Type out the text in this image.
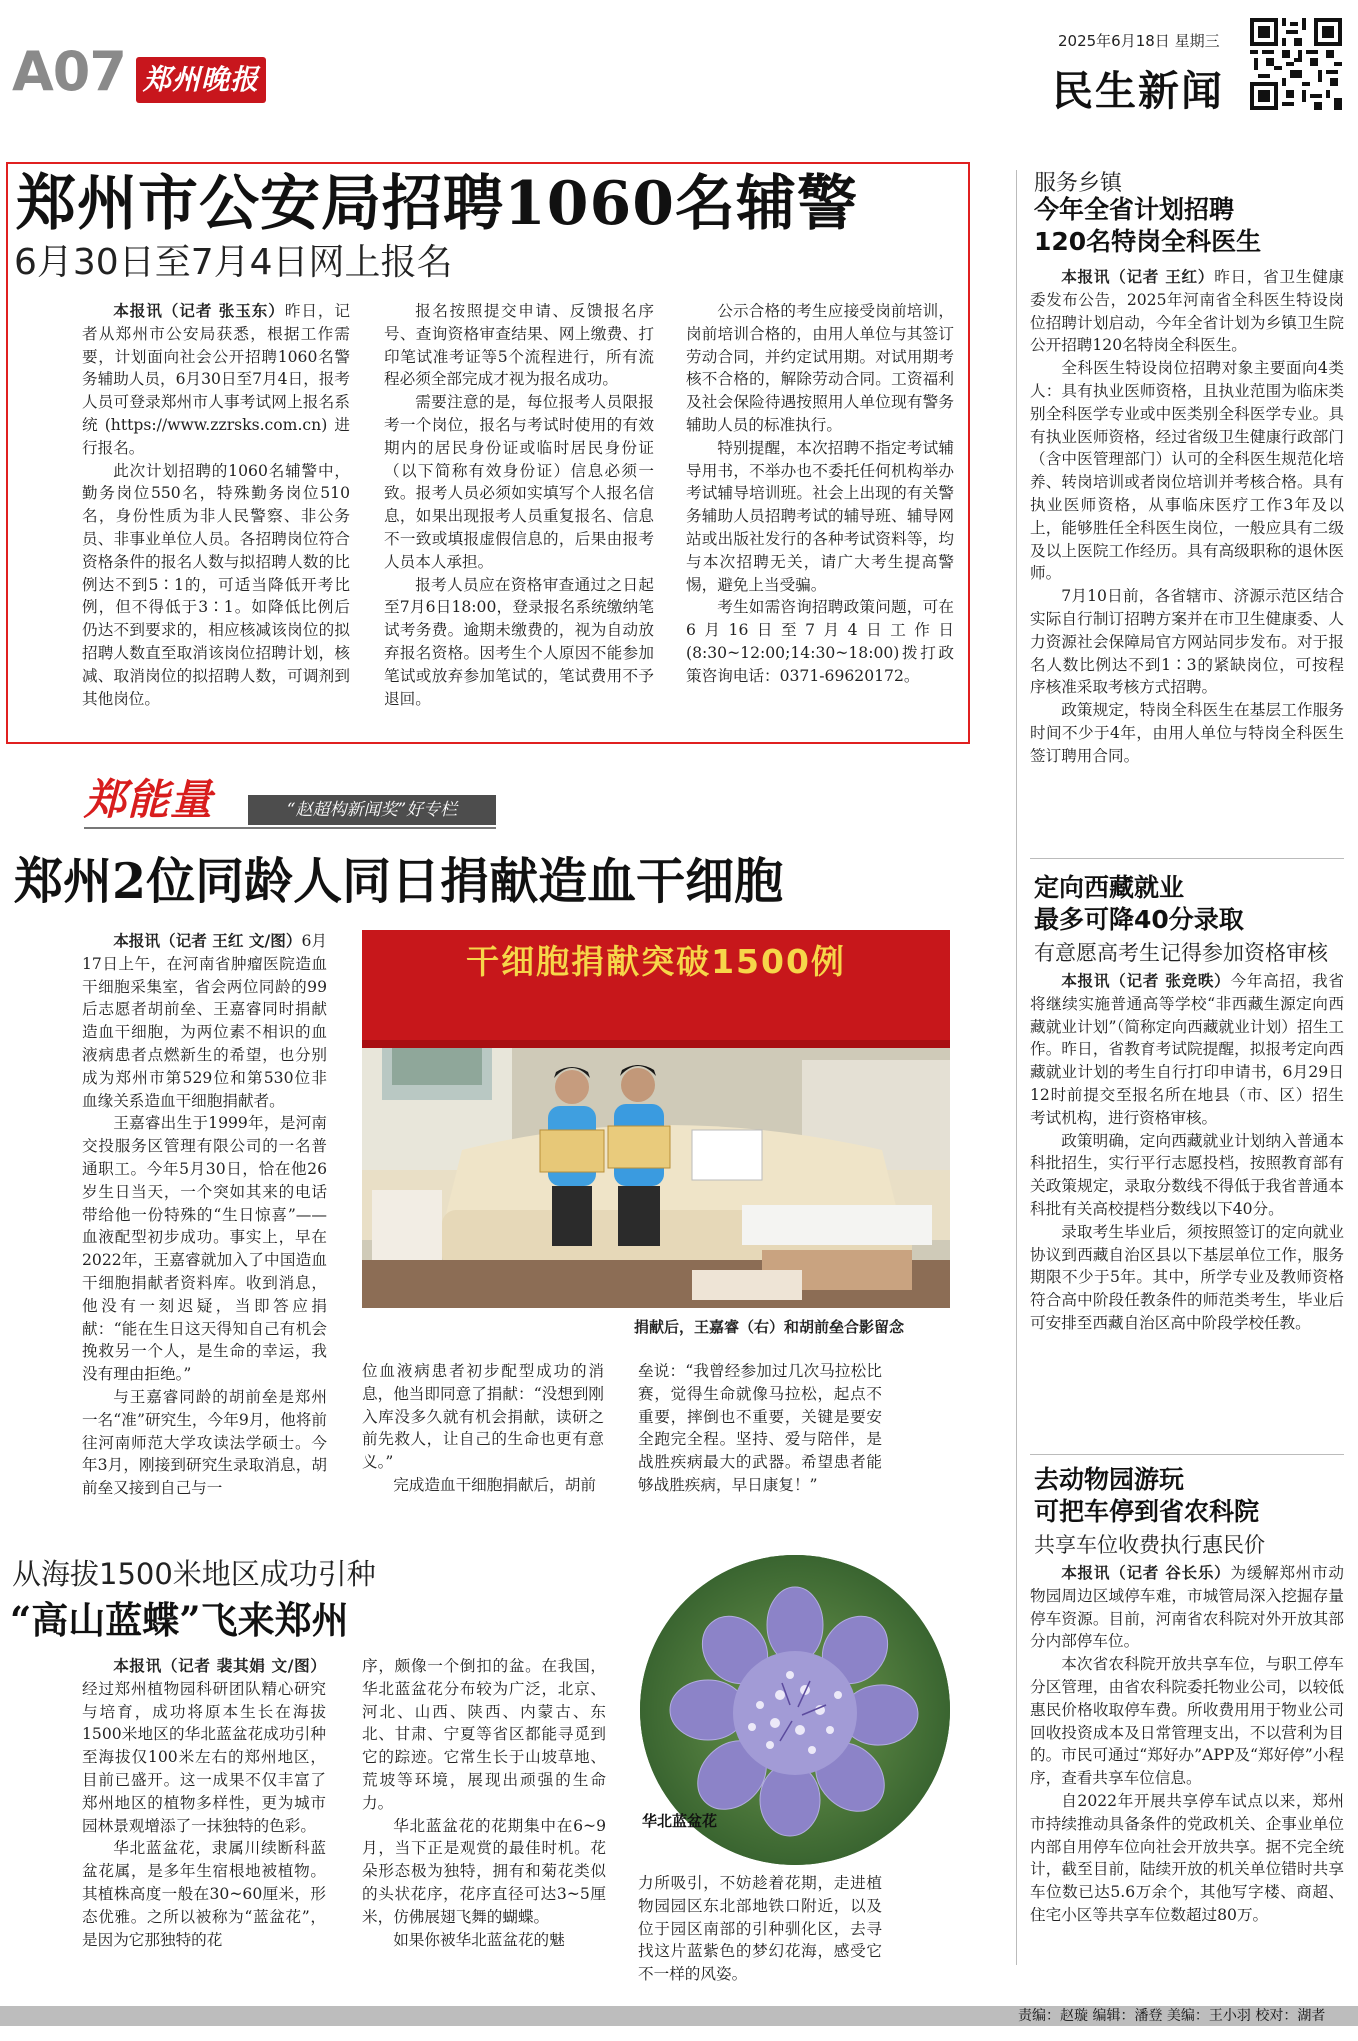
A07 郑州晚报
2025年6月18日 星期三
民生新闻
郑州市公安局招聘1060名辅警
6月30日至7月4日网上报名

本报讯（记者 张玉东）昨日，记者从郑州市公安局获悉，根据工作需要，计划面向社会公开招聘1060名警务辅助人员，6月30日至7月4日，报考人员可登录郑州市人事考试网上报名系统(https://www.zzrsks.com.cn)进行报名。

此次计划招聘的1060名辅警中，勤务岗位550名，特殊勤务岗位510名，身份性质为非人民警察、非公务员、非事业单位人员。各招聘岗位符合资格条件的报名人数与拟招聘人数的比例达不到5∶1的，可适当降低开考比例，但不得低于3∶1。如降低比例后仍达不到要求的，相应核减该岗位的拟招聘人数直至取消该岗位招聘计划，核减、取消岗位的拟招聘人数，可调剂到其他岗位。

报名按照提交申请、反馈报名序号、查询资格审查结果、网上缴费、打印笔试准考证等5个流程进行，所有流程必须全部完成才视为报名成功。

需要注意的是，每位报考人员限报考一个岗位，报名与考试时使用的有效期内的居民身份证或临时居民身份证（以下简称有效身份证）信息必须一致。报考人员必须如实填写个人报名信息，如果出现报考人员重复报名、信息不一致或填报虚假信息的，后果由报考人员本人承担。

报考人员应在资格审查通过之日起至7月6日18:00，登录报名系统缴纳笔试考务费。逾期未缴费的，视为自动放弃报名资格。因考生个人原因不能参加笔试或放弃参加笔试的，笔试费用不予退回。

公示合格的考生应接受岗前培训，岗前培训合格的，由用人单位与其签订劳动合同，并约定试用期。对试用期考核不合格的，解除劳动合同。工资福利及社会保险待遇按照用人单位现有警务辅助人员的标准执行。

特别提醒，本次招聘不指定考试辅导用书，不举办也不委托任何机构举办考试辅导培训班。社会上出现的有关警务辅助人员招聘考试的辅导班、辅导网站或出版社发行的各种考试资料等，均与本次招聘无关，请广大考生提高警惕，避免上当受骗。

考生如需咨询招聘政策问题，可在6月16日至7月4日工作日(8:30~12:00;14:30~18:00)拨打政策咨询电话：0371-69620172。

郑能量	“赵超构新闻奖”好专栏
郑州2位同龄人同日捐献造血干细胞

本报讯（记者 王红 文/图）6月17日上午，在河南省肿瘤医院造血干细胞采集室，省会两位同龄的99后志愿者胡前垒、王嘉睿同时捐献造血干细胞，为两位素不相识的血液病患者点燃新生的希望，也分别成为郑州市第529位和第530位非血缘关系造血干细胞捐献者。

王嘉睿出生于1999年，是河南交投服务区管理有限公司的一名普通职工。今年5月30日，恰在他26岁生日当天，一个突如其来的电话带给他一份特殊的“生日惊喜”——血液配型初步成功。事实上，早在2022年，王嘉睿就加入了中国造血干细胞捐献者资料库。收到消息，他没有一刻迟疑，当即答应捐献：“能在生日这天得知自己有机会挽救另一个人，是生命的幸运，我没有理由拒绝。”

与王嘉睿同龄的胡前垒是郑州一名“准”研究生，今年9月，他将前往河南师范大学攻读法学硕士。今年3月，刚接到研究生录取消息，胡前垒又接到自己与一

干细胞捐献突破1500例
捐献后，王嘉睿（右）和胡前垒合影留念

位血液病患者初步配型成功的消息，他当即同意了捐献：“没想到刚入库没多久就有机会捐献，读研之前先救人，让自己的生命也更有意义。”

完成造血干细胞捐献后，胡前

垒说：“我曾经参加过几次马拉松比赛，觉得生命就像马拉松，起点不重要，摔倒也不重要，关键是要安全跑完全程。坚持、爱与陪伴，是战胜疾病最大的武器。希望患者能够战胜疾病，早日康复！”

从海拔1500米地区成功引种
“高山蓝蝶”飞来郑州

本报讯（记者 裴其娟 文/图）经过郑州植物园科研团队精心研究与培育，成功将原本生长在海拔1500米地区的华北蓝盆花成功引种至海拔仅100米左右的郑州地区，目前已盛开。这一成果不仅丰富了郑州地区的植物多样性，更为城市园林景观增添了一抹独特的色彩。

华北蓝盆花，隶属川续断科蓝盆花属，是多年生宿根地被植物。其植株高度一般在30~60厘米，形态优雅。之所以被称为“蓝盆花”，是因为它那独特的花

序，颇像一个倒扣的盆。在我国，华北蓝盆花分布较为广泛，北京、河北、山西、陕西、内蒙古、东北、甘肃、宁夏等省区都能寻觅到它的踪迹。它常生长于山坡草地、荒坡等环境，展现出顽强的生命力。

华北蓝盆花的花期集中在6~9月，当下正是观赏的最佳时机。花朵形态极为独特，拥有和菊花类似的头状花序，花序直径可达3~5厘米，仿佛展翅飞舞的蝴蝶。

如果你被华北蓝盆花的魅

华北蓝盆花

力所吸引，不妨趁着花期，走进植物园园区东北部地铁口附近，以及位于园区南部的引种驯化区，去寻找这片蓝紫色的梦幻花海，感受它不一样的风姿。

服务乡镇
今年全省计划招聘
120名特岗全科医生

本报讯（记者 王红）昨日，省卫生健康委发布公告，2025年河南省全科医生特设岗位招聘计划启动，今年全省计划为乡镇卫生院公开招聘120名特岗全科医生。

全科医生特设岗位招聘对象主要面向4类人：具有执业医师资格，且执业范围为临床类别全科医学专业或中医类别全科医学专业。具有执业医师资格，经过省级卫生健康行政部门（含中医管理部门）认可的全科医生规范化培养、转岗培训或者岗位培训并考核合格。具有执业医师资格，从事临床医疗工作3年及以上，能够胜任全科医生岗位，一般应具有二级及以上医院工作经历。具有高级职称的退休医师。

7月10日前，各省辖市、济源示范区结合实际自行制订招聘方案并在市卫生健康委、人力资源社会保障局官方网站同步发布。对于报名人数比例达不到1∶3的紧缺岗位，可按程序核准采取考核方式招聘。

政策规定，特岗全科医生在基层工作服务时间不少于4年，由用人单位与特岗全科医生签订聘用合同。

定向西藏就业
最多可降40分录取
有意愿高考生记得参加资格审核

本报讯（记者 张竞昳）今年高招，我省将继续实施普通高等学校“非西藏生源定向西藏就业计划”（简称定向西藏就业计划）招生工作。昨日，省教育考试院提醒，拟报考定向西藏就业计划的考生自行打印申请书，6月29日12时前提交至报名所在地县（市、区）招生考试机构，进行资格审核。

政策明确，定向西藏就业计划纳入普通本科批招生，实行平行志愿投档，按照教育部有关政策规定，录取分数线不得低于我省普通本科批有关高校提档分数线以下40分。

录取考生毕业后，须按照签订的定向就业协议到西藏自治区县以下基层单位工作，服务期限不少于5年。其中，所学专业及教师资格符合高中阶段任教条件的师范类考生，毕业后可安排至西藏自治区高中阶段学校任教。

去动物园游玩
可把车停到省农科院
共享车位收费执行惠民价

本报讯（记者 谷长乐）为缓解郑州市动物园周边区域停车难，市城管局深入挖掘存量停车资源。目前，河南省农科院对外开放其部分内部停车位。

本次省农科院开放共享车位，与职工停车分区管理，由省农科院委托物业公司，以较低惠民价格收取停车费。所收费用用于物业公司回收投资成本及日常管理支出，不以营利为目的。市民可通过“郑好办”APP及“郑好停”小程序，查看共享车位信息。

自2022年开展共享停车试点以来，郑州市持续推动具备条件的党政机关、企事业单位内部自用停车位向社会开放共享。据不完全统计，截至目前，陆续开放的机关单位错时共享车位数已达5.6万余个，其他写字楼、商超、住宅小区等共享车位数超过80万。

责编：赵璇 编辑：潘登 美编：王小羽 校对：湖者
